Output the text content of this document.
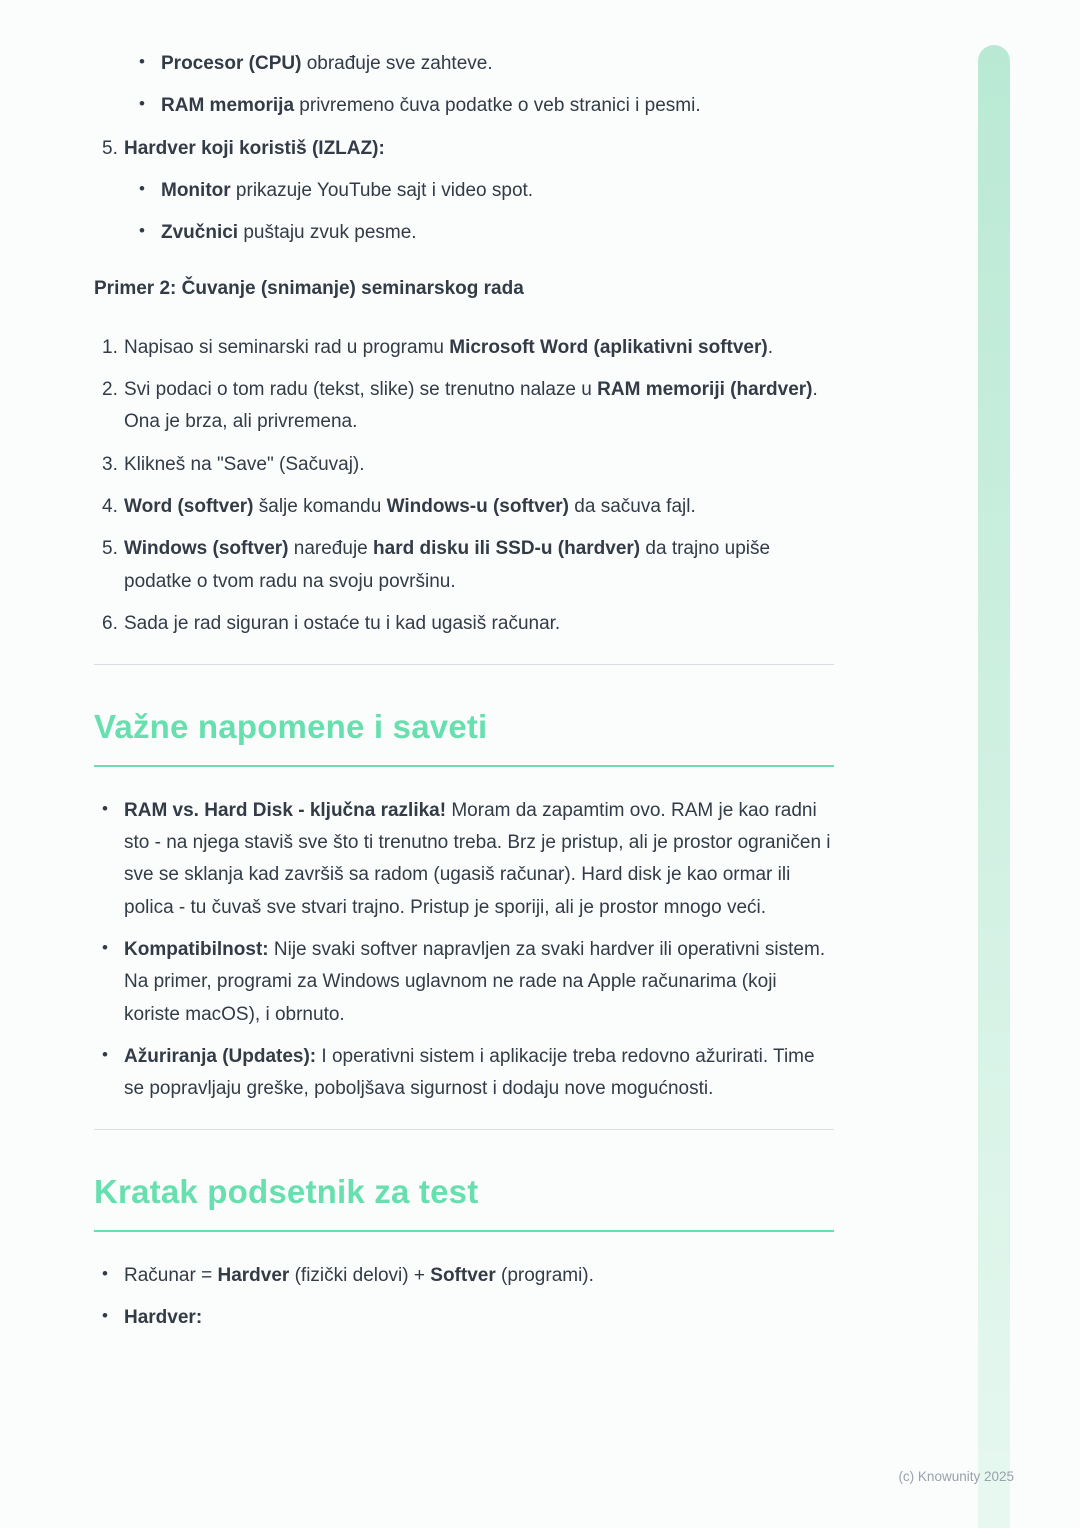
• Procesor (CPU) obrađuje sve zahteve.
• RAM memorija privremeno čuva podatke o veb stranici i pesmi.
5. Hardver koji koristiš (IZLAZ):
• Monitor prikazuje YouTube sajt i video spot.
• Zvučnici puštaju zvuk pesme.

Primer 2: Čuvanje (snimanje) seminarskog rada

1. Napisao si seminarski rad u programu Microsoft Word (aplikativni softver).
2. Svi podaci o tom radu (tekst, slike) se trenutno nalaze u RAM memoriji (hardver). Ona je brza, ali privremena.
3. Klikneš na "Save" (Sačuvaj).
4. Word (softver) šalje komandu Windows-u (softver) da sačuva fajl.
5. Windows (softver) naređuje hard disku ili SSD-u (hardver) da trajno upiše podatke o tvom radu na svoju površinu.
6. Sada je rad siguran i ostaće tu i kad ugasiš računar.
Važne napomene i saveti
• RAM vs. Hard Disk - ključna razlika! Moram da zapamtim ovo. RAM je kao radni sto - na njega staviš sve što ti trenutno treba. Brz je pristup, ali je prostor ograničen i sve se sklanja kad završiš sa radom (ugasiš računar). Hard disk je kao ormar ili polica - tu čuvaš sve stvari trajno. Pristup je sporiji, ali je prostor mnogo veći.
• Kompatibilnost: Nije svaki softver napravljen za svaki hardver ili operativni sistem. Na primer, programi za Windows uglavnom ne rade na Apple računarima (koji koriste macOS), i obrnuto.
• Ažuriranja (Updates): I operativni sistem i aplikacije treba redovno ažurirati. Time se popravljaju greške, poboljšava sigurnost i dodaju nove mogućnosti.
Kratak podsetnik za test
• Računar = Hardver (fizički delovi) + Softver (programi).
• Hardver:
(c) Knowunity 2025
